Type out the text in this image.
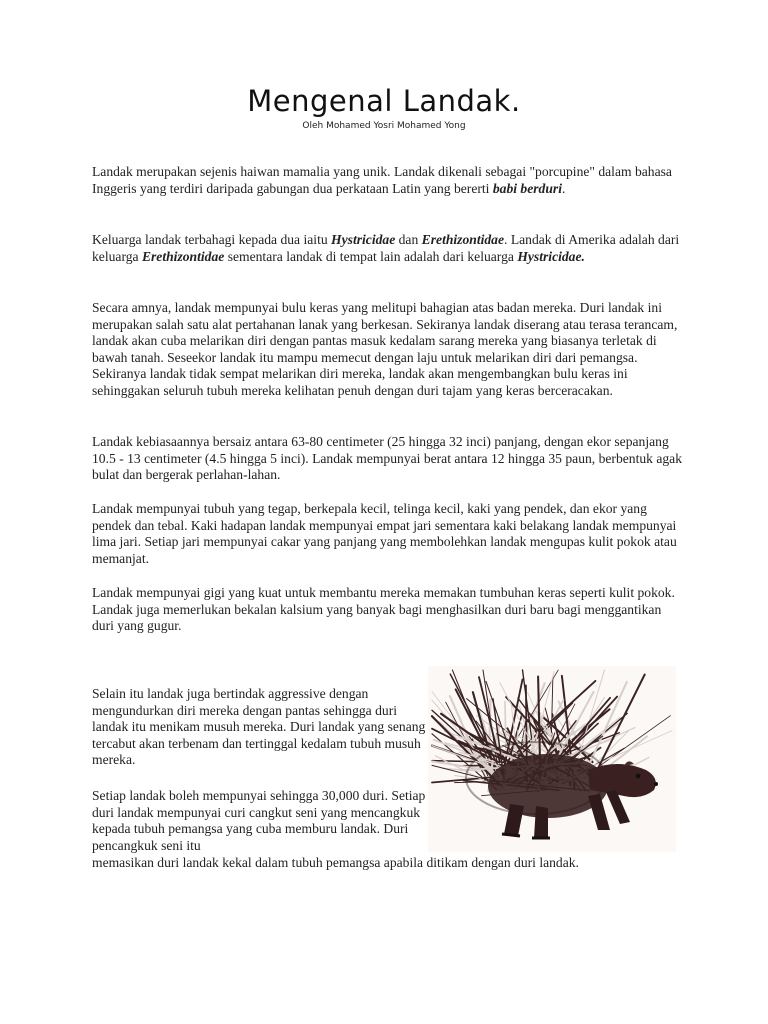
Mengenal Landak.
Oleh Mohamed Yosri Mohamed Yong
Landak merupakan sejenis haiwan mamalia yang unik. Landak dikenali sebagai "porcupine" dalam bahasa Inggeris yang terdiri daripada gabungan dua perkataan Latin yang bererti babi berduri.
Keluarga landak terbahagi kepada dua iaitu Hystricidae dan Erethizontidae. Landak di Amerika adalah dari keluarga Erethizontidae sementara landak di tempat lain adalah dari keluarga Hystricidae.
Secara amnya, landak mempunyai bulu keras yang melitupi bahagian atas badan mereka. Duri landak ini merupakan salah satu alat pertahanan lanak yang berkesan. Sekiranya landak diserang atau terasa terancam, landak akan cuba melarikan diri dengan pantas masuk kedalam sarang mereka yang biasanya terletak di bawah tanah. Seseekor landak itu mampu memecut dengan laju untuk melarikan diri dari pemangsa. Sekiranya landak tidak sempat melarikan diri mereka, landak akan mengembangkan bulu keras ini sehinggakan seluruh tubuh mereka kelihatan penuh dengan duri tajam yang keras berceracakan.
Landak kebiasaannya bersaiz antara 63-80 centimeter (25 hingga 32 inci) panjang, dengan ekor sepanjang 10.5 - 13 centimeter (4.5 hingga 5 inci). Landak mempunyai berat antara 12 hingga 35 paun, berbentuk agak bulat dan bergerak perlahan-lahan.
Landak mempunyai tubuh yang tegap, berkepala kecil, telinga kecil, kaki yang pendek, dan ekor yang pendek dan tebal. Kaki hadapan landak mempunyai empat jari sementara kaki belakang landak mempunyai lima jari. Setiap jari mempunyai cakar yang panjang yang membolehkan landak mengupas kulit pokok atau memanjat.
Landak mempunyai gigi yang kuat untuk membantu mereka memakan tumbuhan keras seperti kulit pokok. Landak juga memerlukan bekalan kalsium yang banyak bagi menghasilkan duri baru bagi menggantikan duri yang gugur.
Selain itu landak juga bertindak aggressive dengan mengundurkan diri mereka dengan pantas sehingga duri landak itu menikam musuh mereka. Duri landak yang senang tercabut akan terbenam dan tertinggal kedalam tubuh musuh mereka.
Setiap landak boleh mempunyai sehingga 30,000 duri. Setiap duri landak mempunyai curi cangkut seni yang mencangkuk kepada tubuh pemangsa yang cuba memburu landak. Duri pencangkuk seni itu
memasikan duri landak kekal dalam tubuh pemangsa apabila ditikam dengan duri landak.
